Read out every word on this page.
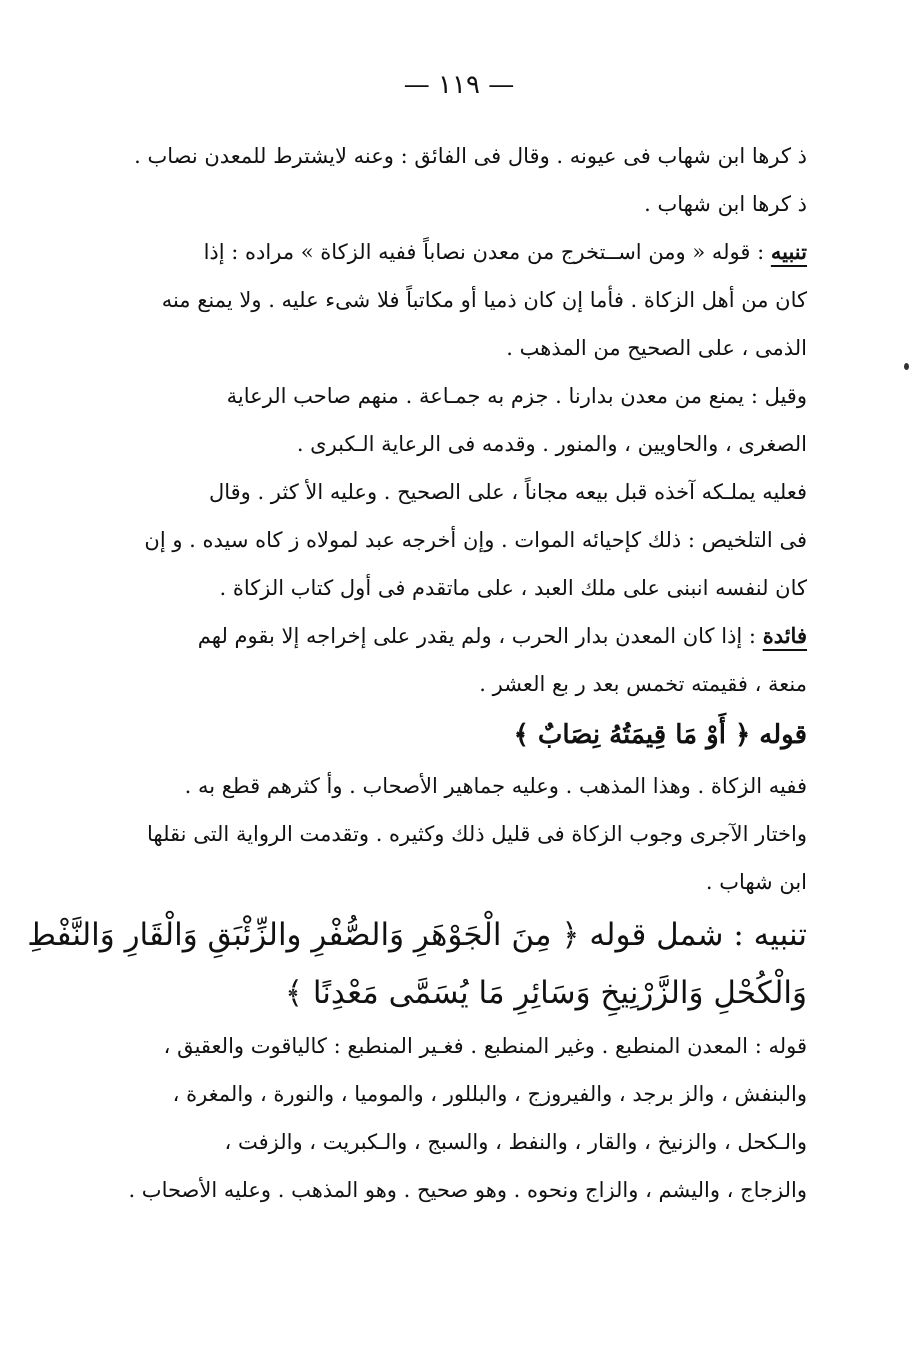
— ١١٩ —
ذ كرها ابن شهاب فى عيونه . وقال فى الفائق : وعنه لايشترط للمعدن نصاب .
ذ كرها ابن شهاب .
تنبيه : قوله « ومن اســتخرج من معدن نصاباً ففيه الزكاة » مراده : إذا
كان من أهل الزكاة . فأما إن كان ذميا أو مكاتباً فلا شىء عليه . ولا يمنع منه
الذمى ، على الصحيح من المذهب .
وقيل : يمنع من معدن بدارنا . جزم به جمـاعة . منهم صاحب الرعاية
الصغرى ، والحاويين ، والمنور . وقدمه فى الرعاية الـكبرى .
فعليه يملـكه آخذه قبل بيعه مجاناً ، على الصحيح . وعليه الأ كثر . وقال
فى التلخيص : ذلك كإحيائه الموات . وإن أخرجه عبد لمولاه ز كاه سيده . و إن
كان لنفسه انبنى على ملك العبد ، على ماتقدم فى أول كتاب الزكاة .
فائدة : إذا كان المعدن بدار الحرب ، ولم يقدر على إخراجه إلا بقوم لهم
منعة ، فقيمته تخمس بعد ر بع العشر .
قوله ﴿ أَوْ مَا قِيمَتُهُ نِصَابٌ ﴾
ففيه الزكاة . وهذا المذهب . وعليه جماهير الأصحاب . وأ كثرهم قطع به .
واختار الآجرى وجوب الزكاة فى قليل ذلك وكثيره . وتقدمت الرواية التى نقلها
ابن شهاب .
تنبيه : شمل قوله ﴿ مِنَ الْجَوْهَرِ وَالصُّفْرِ والزِّئْبَقِ وَالْقَارِ وَالنَّفْطِ
وَالْكُحْلِ وَالزَّرْنِيخِ وَسَائِرِ مَا يُسَمَّى مَعْدِنًا ﴾
قوله : المعدن المنطبع . وغير المنطبع . فغـير المنطبع : كالياقوت والعقيق ،
والبنفش ، والز برجد ، والفيروزج ، والبللور ، والموميا ، والنورة ، والمغرة ،
والـكحل ، والزنيخ ، والقار ، والنفط ، والسبج ، والـكبريت ، والزفت ،
والزجاج ، واليشم ، والزاج ونحوه . وهو صحيح . وهو المذهب . وعليه الأصحاب .
